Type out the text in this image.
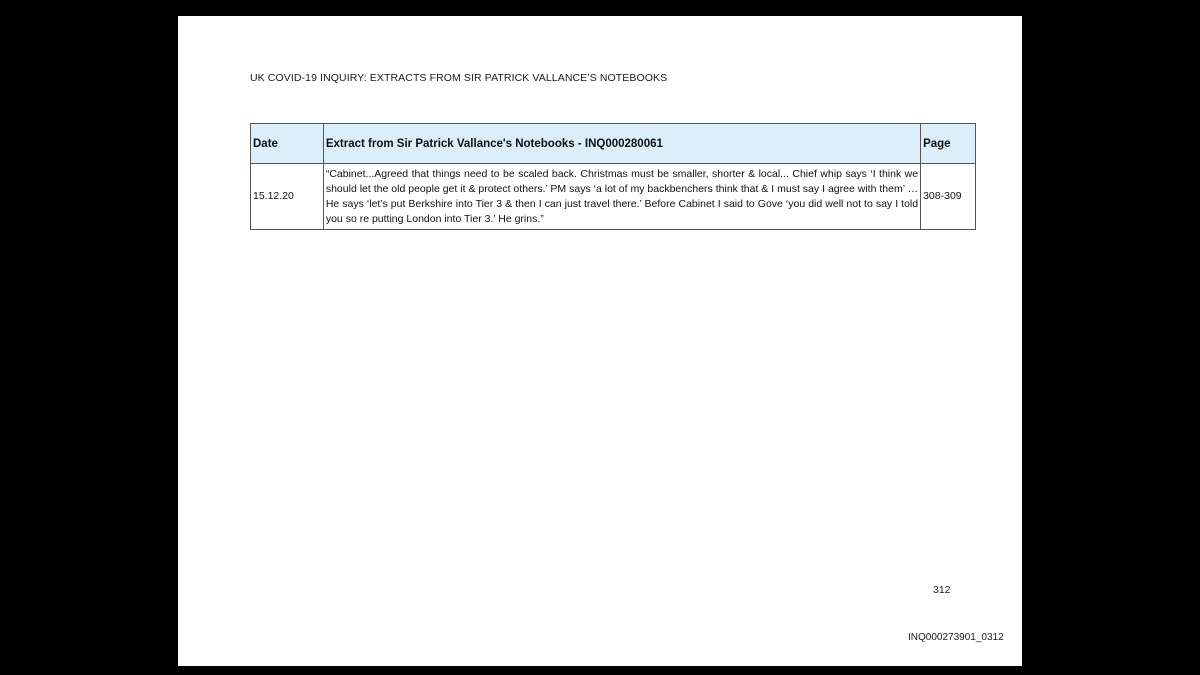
UK COVID-19 INQUIRY: EXTRACTS FROM SIR PATRICK VALLANCE’S NOTEBOOKS
Date	Extract from Sir Patrick Vallance's Notebooks - INQ000280061	Page
15.12.20	“Cabinet...Agreed that things need to be scaled back. Christmas must be smaller, shorter & local... Chief whip says ‘I think we should let the old people get it & protect others.’ PM says ‘a lot of my backbenchers think that & I must say I agree with them’ … He says ‘let’s put Berkshire into Tier 3 & then I can just travel there.’ Before Cabinet I said to Gove ‘you did well not to say I told you so re putting London into Tier 3.’ He grins.”	308-309
312
INQ000273901_0312
